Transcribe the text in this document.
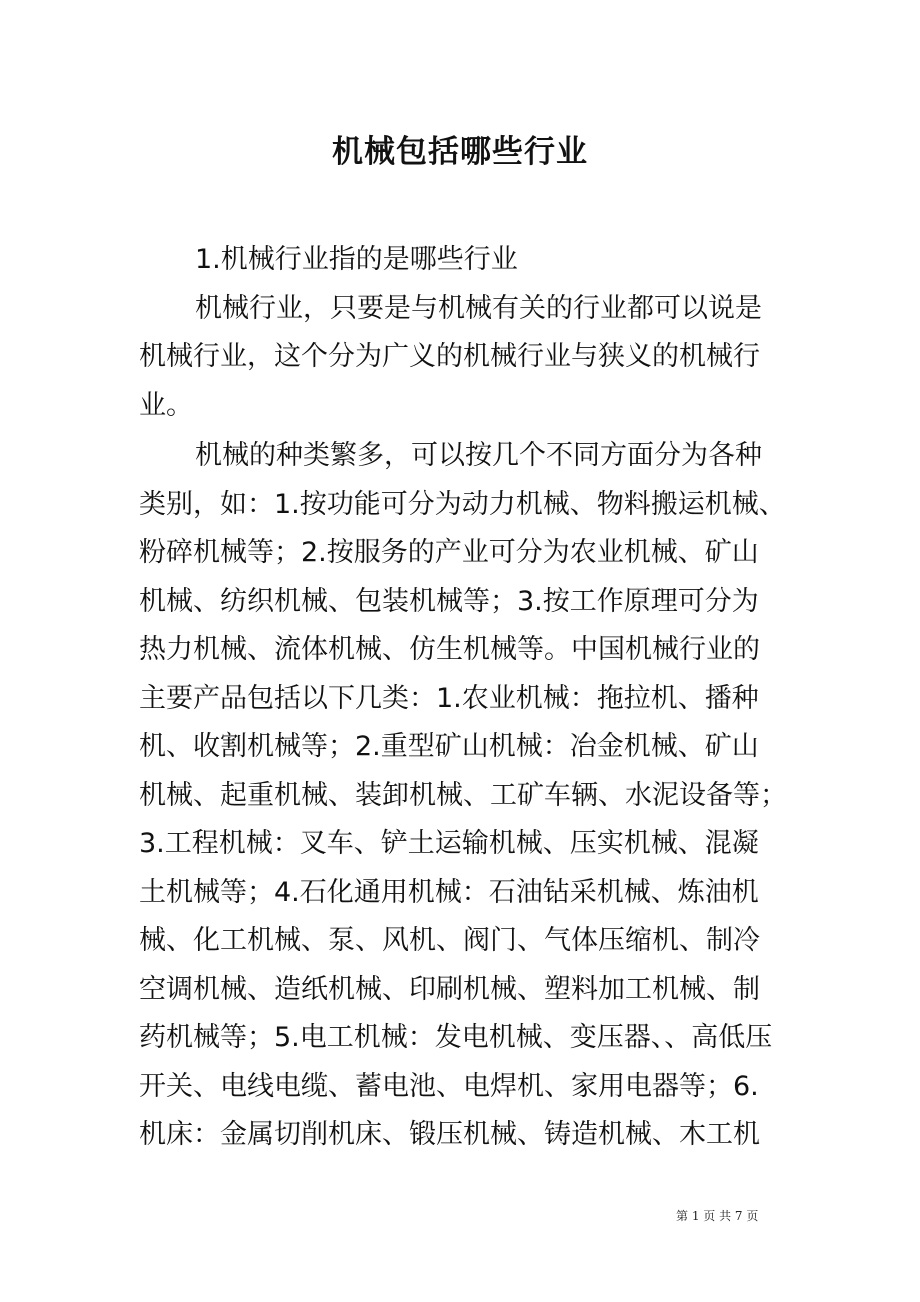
机械包括哪些行业
1.机械行业指的是哪些行业
机械行业，只要是与机械有关的行业都可以说是
机械行业，这个分为广义的机械行业与狭义的机械行
业。
机械的种类繁多，可以按几个不同方面分为各种
类别，如：1.按功能可分为动力机械、物料搬运机械、
粉碎机械等；2.按服务的产业可分为农业机械、矿山
机械、纺织机械、包装机械等；3.按工作原理可分为
热力机械、流体机械、仿生机械等。中国机械行业的
主要产品包括以下几类：1.农业机械：拖拉机、播种
机、收割机械等；2.重型矿山机械：冶金机械、矿山
机械、起重机械、装卸机械、工矿车辆、水泥设备等；
3.工程机械：叉车、铲土运输机械、压实机械、混凝
土机械等；4.石化通用机械：石油钻采机械、炼油机
械、化工机械、泵、风机、阀门、气体压缩机、制冷
空调机械、造纸机械、印刷机械、塑料加工机械、制
药机械等；5.电工机械：发电机械、变压器、、高低压
开关、电线电缆、蓄电池、电焊机、家用电器等；6.
机床：金属切削机床、锻压机械、铸造机械、木工机
第 1 页 共 7 页
